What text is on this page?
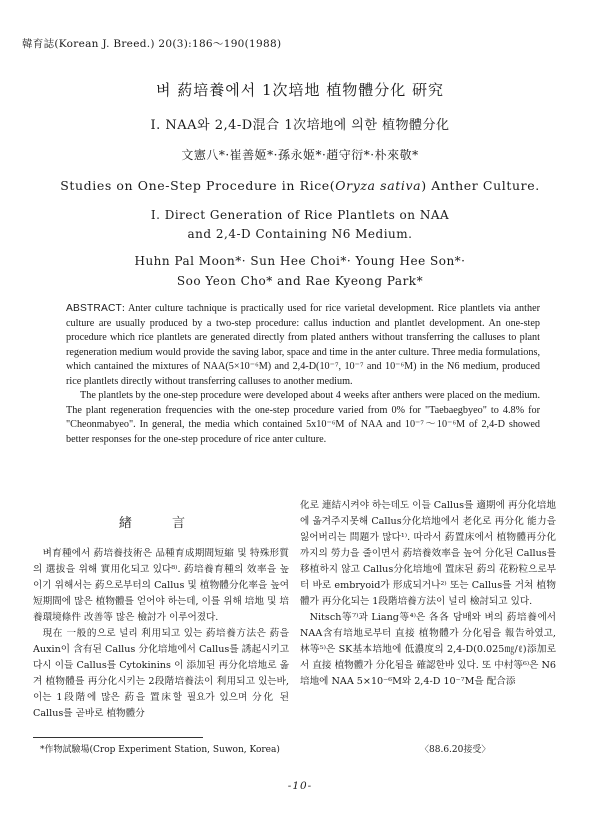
韓育誌(Korean J. Breed.) 20(3):186～190(1988)
벼 葯培養에서 1次培地 植物體分化 硏究
I. NAA와 2,4-D混合 1次培地에 의한 植物體分化
文憲八*·崔善姬*·孫永姬*·趙守衍*·朴來敬*
Studies on One-Step Procedure in Rice(Oryza sativa) Anther Culture.
I. Direct Generation of Rice Plantlets on NAA
and 2,4-D Containing N6 Medium.
Huhn Pal Moon*· Sun Hee Choi*· Young Hee Son*·
Soo Yeon Cho* and Rae Kyeong Park*

ABSTRACT: Anter culture tachnique is practically used for rice varietal development. Rice plantlets via anther culture are usually produced by a two-step procedure: callus induction and plantlet development. An one-step procedure which rice plantlets are generated directly from plated anthers without transferring the calluses to plant regeneration medium would provide the saving labor, space and time in the anter culture. Three media formulations, which cantained the mixtures of NAA(5×10⁻⁶M) and 2,4-D(10⁻⁷, 10⁻⁷ and 10⁻⁶M) in the N6 medium, produced rice plantlets directly without transferring calluses to another medium.

The plantlets by the one-step procedure were developed about 4 weeks after anthers were placed on the medium. The plant regeneration frequencies with the one-step procedure varied from 0% for "Taebaegbyeo" to 4.8% for "Cheonmabyeo". In general, the media which contained 5x10⁻⁶M of NAA and 10⁻⁷～10⁻⁶M of 2,4-D showed better responses for the one-step procedure of rice anter culture.

緖 言

벼育種에서 葯培養技術은 品種育成期間短縮 및 特殊形質의 選拔을 위해 實用化되고 있다⁸⁾. 葯培養育種의 效率을 높이기 위해서는 葯으로부터의 Callus 및 植物體分化率을 높여 短期間에 많은 植物體를 얻어야 하는데, 이를 위해 培地 및 培養環境條件 改善等 많은 檢討가 이루어졌다.

現在 一般的으로 널리 利用되고 있는 葯培養方法은 葯을 Auxin이 含有된 Callus 分化培地에서 Callus를 誘起시키고 다시 이들 Callus를 Cytokinins 이 添加된 再分化培地로 옮겨 植物體를 再分化시키는 2段階培養法이 利用되고 있는바, 이는 1段階에 많은 葯을 置床할 필요가 있으며 分化 된 Callus를 곧바로 植物體分

化로 連結시켜야 하는데도 이들 Callus를 適期에 再分化培地에 옮겨주지못해 Callus分化培地에서 老化로 再分化 能力을 잃어버리는 問題가 많다¹⁾. 따라서 葯置床에서 植物體再分化까지의 勞力을 줄이면서 葯培養效率을 높여 分化된 Callus를 移植하지 않고 Callus分化培地에 置床된 葯의 花粉粒으로부터 바로 embryoid가 形成되거나²⁾ 또는 Callus를 거쳐 植物體가 再分化되는 1段階培養方法이 널리 檢討되고 있다.

Nitsch等⁷⁾과 Liang等⁴⁾은 各各 담배와 벼의 葯培養에서 NAA含有培地로부터 直接 植物體가 分化됨을 報告하였고, 林等⁵⁾은 SK基本培地에 低濃度의 2,4-D(0.025㎎/ℓ)添加로서 直接 植物體가 分化됨을 確認한바 있다. 또 中村等⁶⁾은 N6培地에 NAA 5×10⁻⁶M와 2,4-D 10⁻⁷M을 配合添

*作物試驗場(Crop Experiment Station, Suwon, Korea)	〈88.6.20接受〉
-10-
